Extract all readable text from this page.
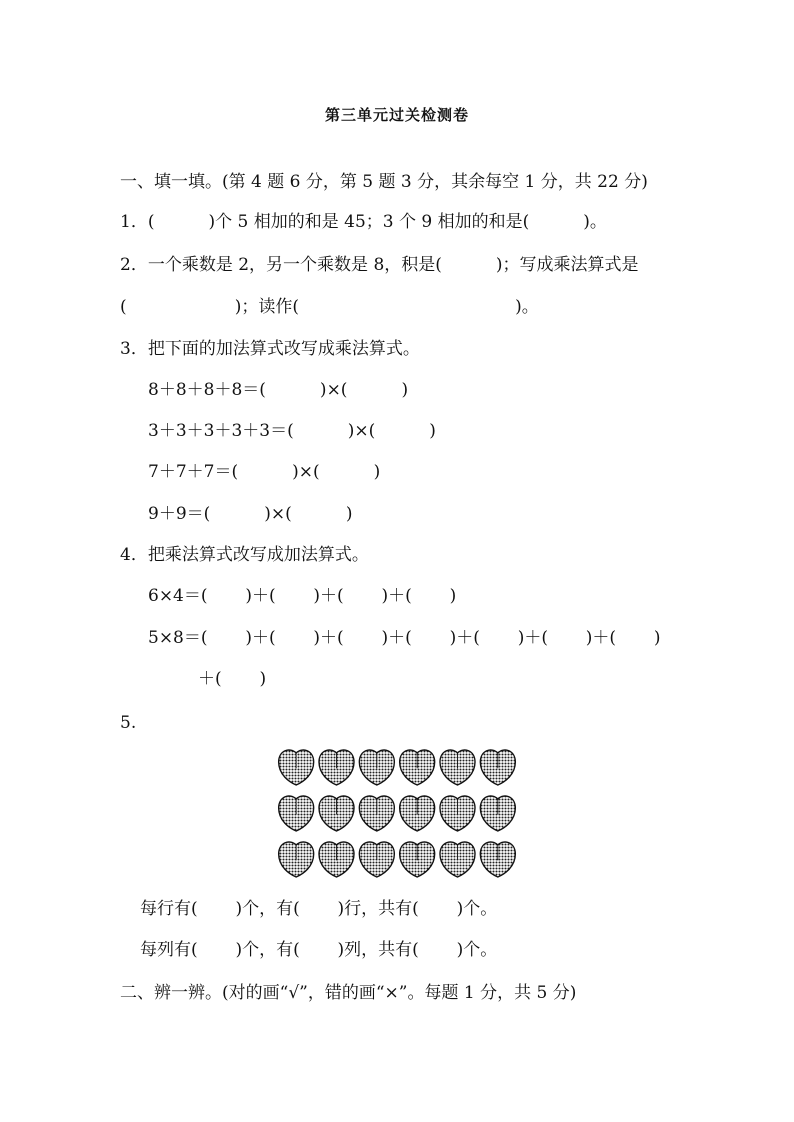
第三单元过关检测卷
一、填一填。(第 4 题 6 分，第 5 题 3 分，其余每空 1 分，共 22 分)
1．(          )个 5 相加的和是 45；3 个 9 相加的和是(          )。
2．一个乘数是 2，另一个乘数是 8，积是(          )；写成乘法算式是
(                    )；读作(                                        )。
3．把下面的加法算式改写成乘法算式。
8＋8＋8＋8＝(          )×(          )
3＋3＋3＋3＋3＝(          )×(          )
7＋7＋7＝(          )×(          )
9＋9＝(          )×(          )
4．把乘法算式改写成加法算式。
6×4＝(       )＋(       )＋(       )＋(       )
5×8＝(       )＋(       )＋(       )＋(       )＋(       )＋(       )＋(       )
＋(       )
5.
每行有(       )个，有(       )行，共有(       )个。
每列有(       )个，有(       )列，共有(       )个。
二、辨一辨。(对的画“√”，错的画“×”。每题 1 分，共 5 分)
